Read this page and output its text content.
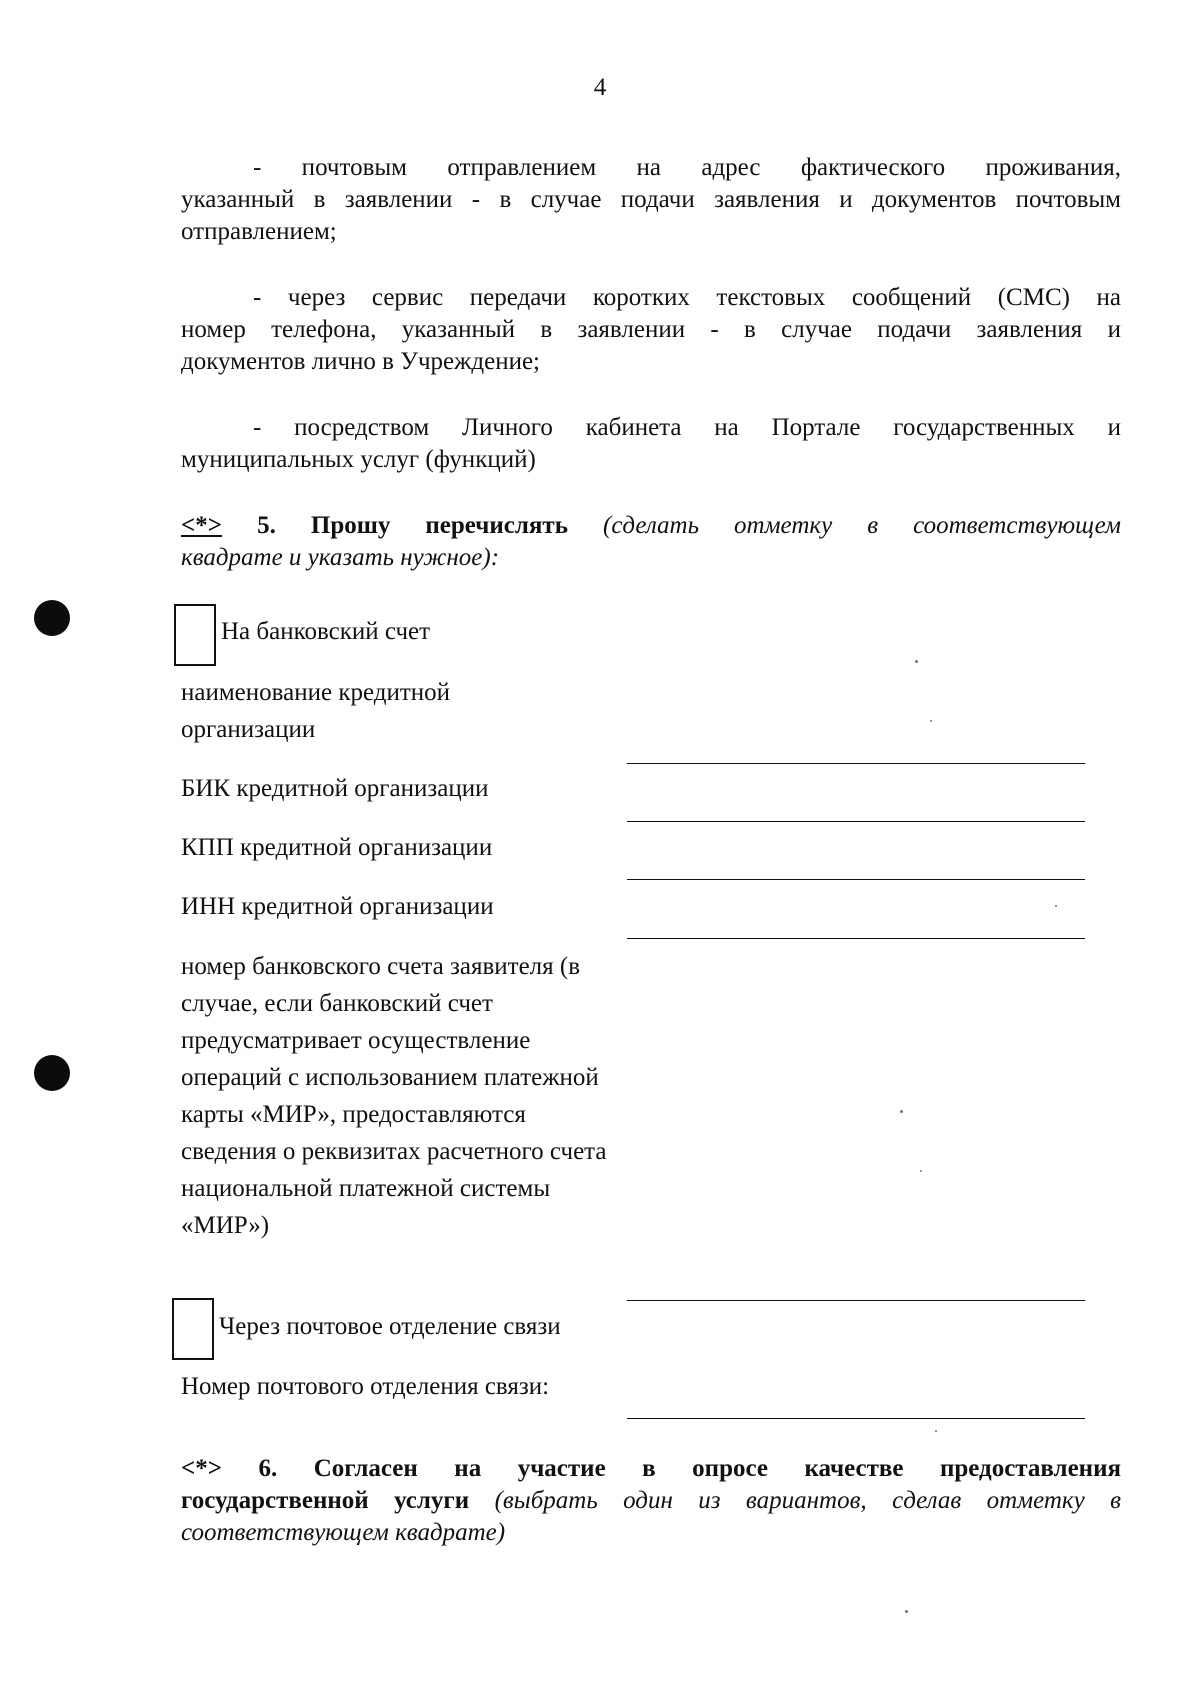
4
- почтовым отправлением на адрес фактического проживания,
указанный в заявлении - в случае подачи заявления и документов почтовым
отправлением;
- через сервис передачи коротких текстовых сообщений (СМС) на
номер телефона, указанный в заявлении - в случае подачи заявления и
документов лично в Учреждение;
- посредством Личного кабинета на Портале государственных и
муниципальных услуг (функций)
<*> 5. Прошу перечислять (сделать отметку в соответствующем
квадрате и указать нужное):
На банковский счет
наименование кредитной организации
БИК кредитной организации
КПП кредитной организации
ИНН кредитной организации
номер банковского счета заявителя (в случае, если банковский счет предусматривает осуществление операций с использованием платежной карты «МИР», предоставляются сведения о реквизитах расчетного счета национальной платежной системы «МИР»)
Через почтовое отделение связи
Номер почтового отделения связи:
<*> 6. Согласен на участие в опросе качестве предоставления
государственной услуги (выбрать один из вариантов, сделав отметку в
соответствующем квадрате)
